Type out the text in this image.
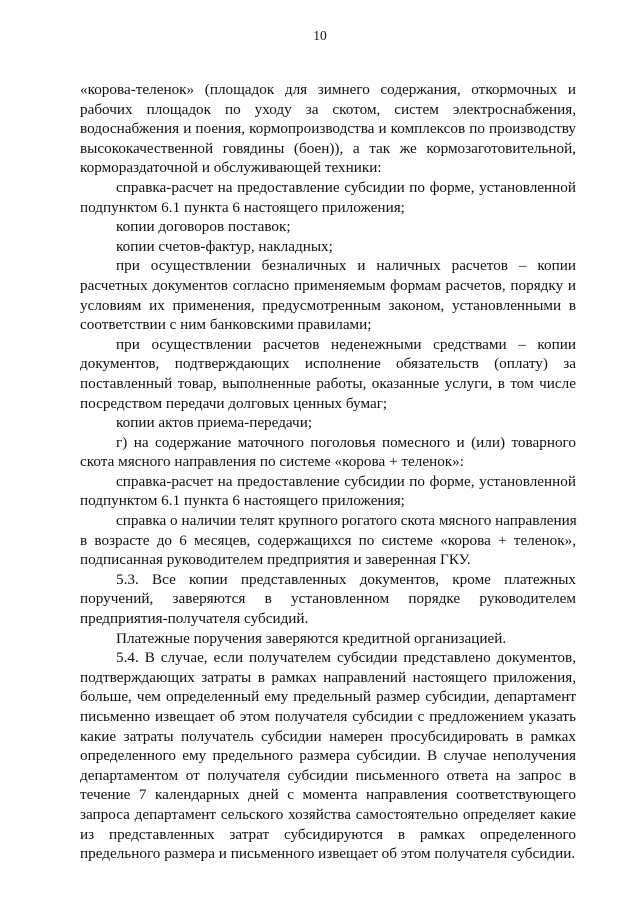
10
«корова-теленок» (площадок для зимнего содержания, откормочных и
рабочих площадок по уходу за скотом, систем электроснабжения,
водоснабжения и поения, кормопроизводства и комплексов по производству
высококачественной говядины (боен)), а так же кормозаготовительной,
кормораздаточной и обслуживающей техники:
справка-расчет на предоставление субсидии по форме, установленной
подпунктом 6.1 пункта 6 настоящего приложения;
копии договоров поставок;
копии счетов-фактур, накладных;
при осуществлении безналичных и наличных расчетов – копии
расчетных документов согласно применяемым формам расчетов, порядку и
условиям их применения, предусмотренным законом, установленными в
соответствии с ним банковскими правилами;
при осуществлении расчетов неденежными средствами – копии
документов, подтверждающих исполнение обязательств (оплату) за
поставленный товар, выполненные работы, оказанные услуги, в том числе
посредством передачи долговых ценных бумаг;
копии актов приема-передачи;
г) на содержание маточного поголовья помесного и (или) товарного
скота мясного направления по системе «корова + теленок»:
справка-расчет на предоставление субсидии по форме, установленной
подпунктом 6.1 пункта 6 настоящего приложения;
справка о наличии телят крупного рогатого скота мясного направления
в возрасте до 6 месяцев, содержащихся по системе «корова + теленок»,
подписанная руководителем предприятия и заверенная ГКУ.
5.3. Все копии представленных документов, кроме платежных
поручений, заверяются в установленном порядке руководителем
предприятия-получателя субсидий.
Платежные поручения заверяются кредитной организацией.
5.4. В случае, если получателем субсидии представлено документов,
подтверждающих затраты в рамках направлений настоящего приложения,
больше, чем определенный ему предельный размер субсидии, департамент
письменно извещает об этом получателя субсидии с предложением указать
какие затраты получатель субсидии намерен просубсидировать в рамках
определенного ему предельного размера субсидии. В случае неполучения
департаментом от получателя субсидии письменного ответа на запрос в
течение 7 календарных дней с момента направления соответствующего
запроса департамент сельского хозяйства самостоятельно определяет какие
из представленных затрат субсидируются в рамках определенного
предельного размера и письменного извещает об этом получателя субсидии.
